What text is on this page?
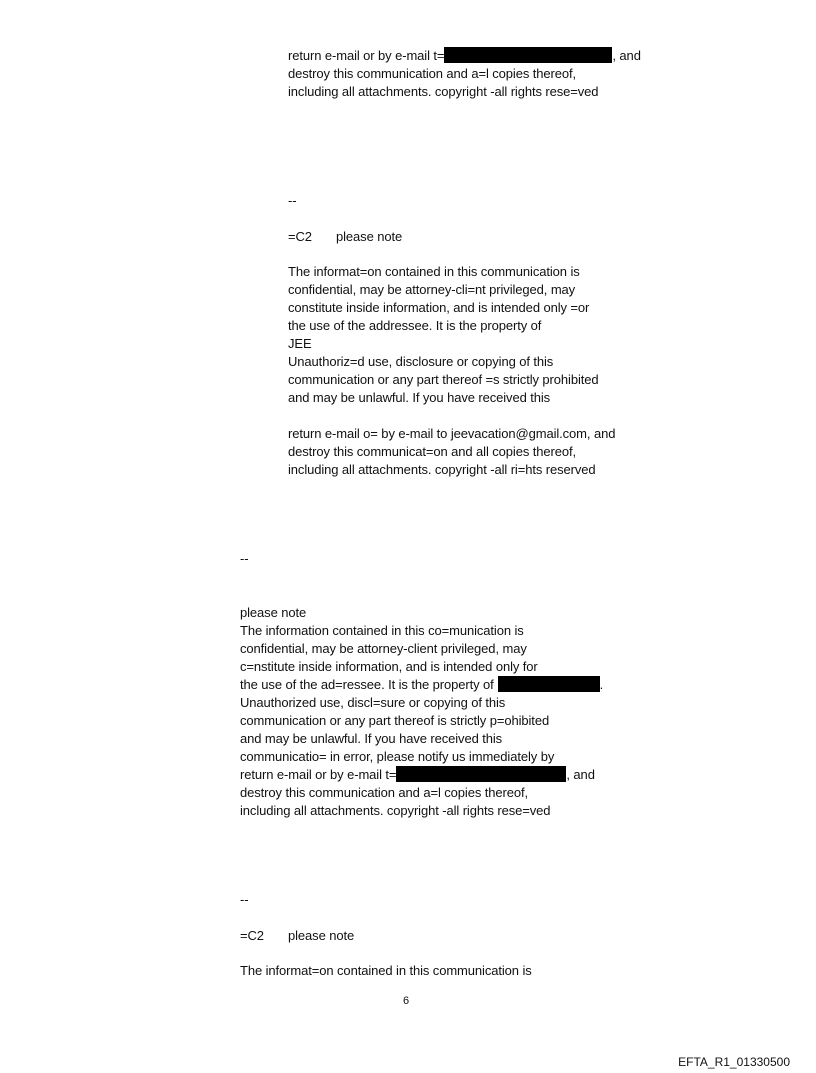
return e-mail or by e-mail t=	, and
destroy this communication and a=l copies thereof,
including all attachments. copyright -all rights rese=ved
--
=C2 please note
The informat=on contained in this communication is
confidential, may be attorney-cli=nt privileged, may
constitute inside information, and is intended only =or
the use of the addressee. It is the property of
JEE
Unauthoriz=d use, disclosure or copying of this
communication or any part thereof =s strictly prohibited
and may be unlawful. If you have received this
return e-mail o= by e-mail to jeevacation@gmail.com, and
destroy this communicat=on and all copies thereof,
including all attachments. copyright -all ri=hts reserved
--
please note
The information contained in this co=munication is
confidential, may be attorney-client privileged, may
c=nstitute inside information, and is intended only for
the use of the ad=ressee. It is the property of	.
Unauthorized use, discl=sure or copying of this
communication or any part thereof is strictly p=ohibited
and may be unlawful. If you have received this
communicatio= in error, please notify us immediately by
return e-mail or by e-mail t=	, and
destroy this communication and a=l copies thereof,
including all attachments. copyright -all rights rese=ved
--
=C2 please note
The informat=on contained in this communication is
6
EFTA_R1_01330500
